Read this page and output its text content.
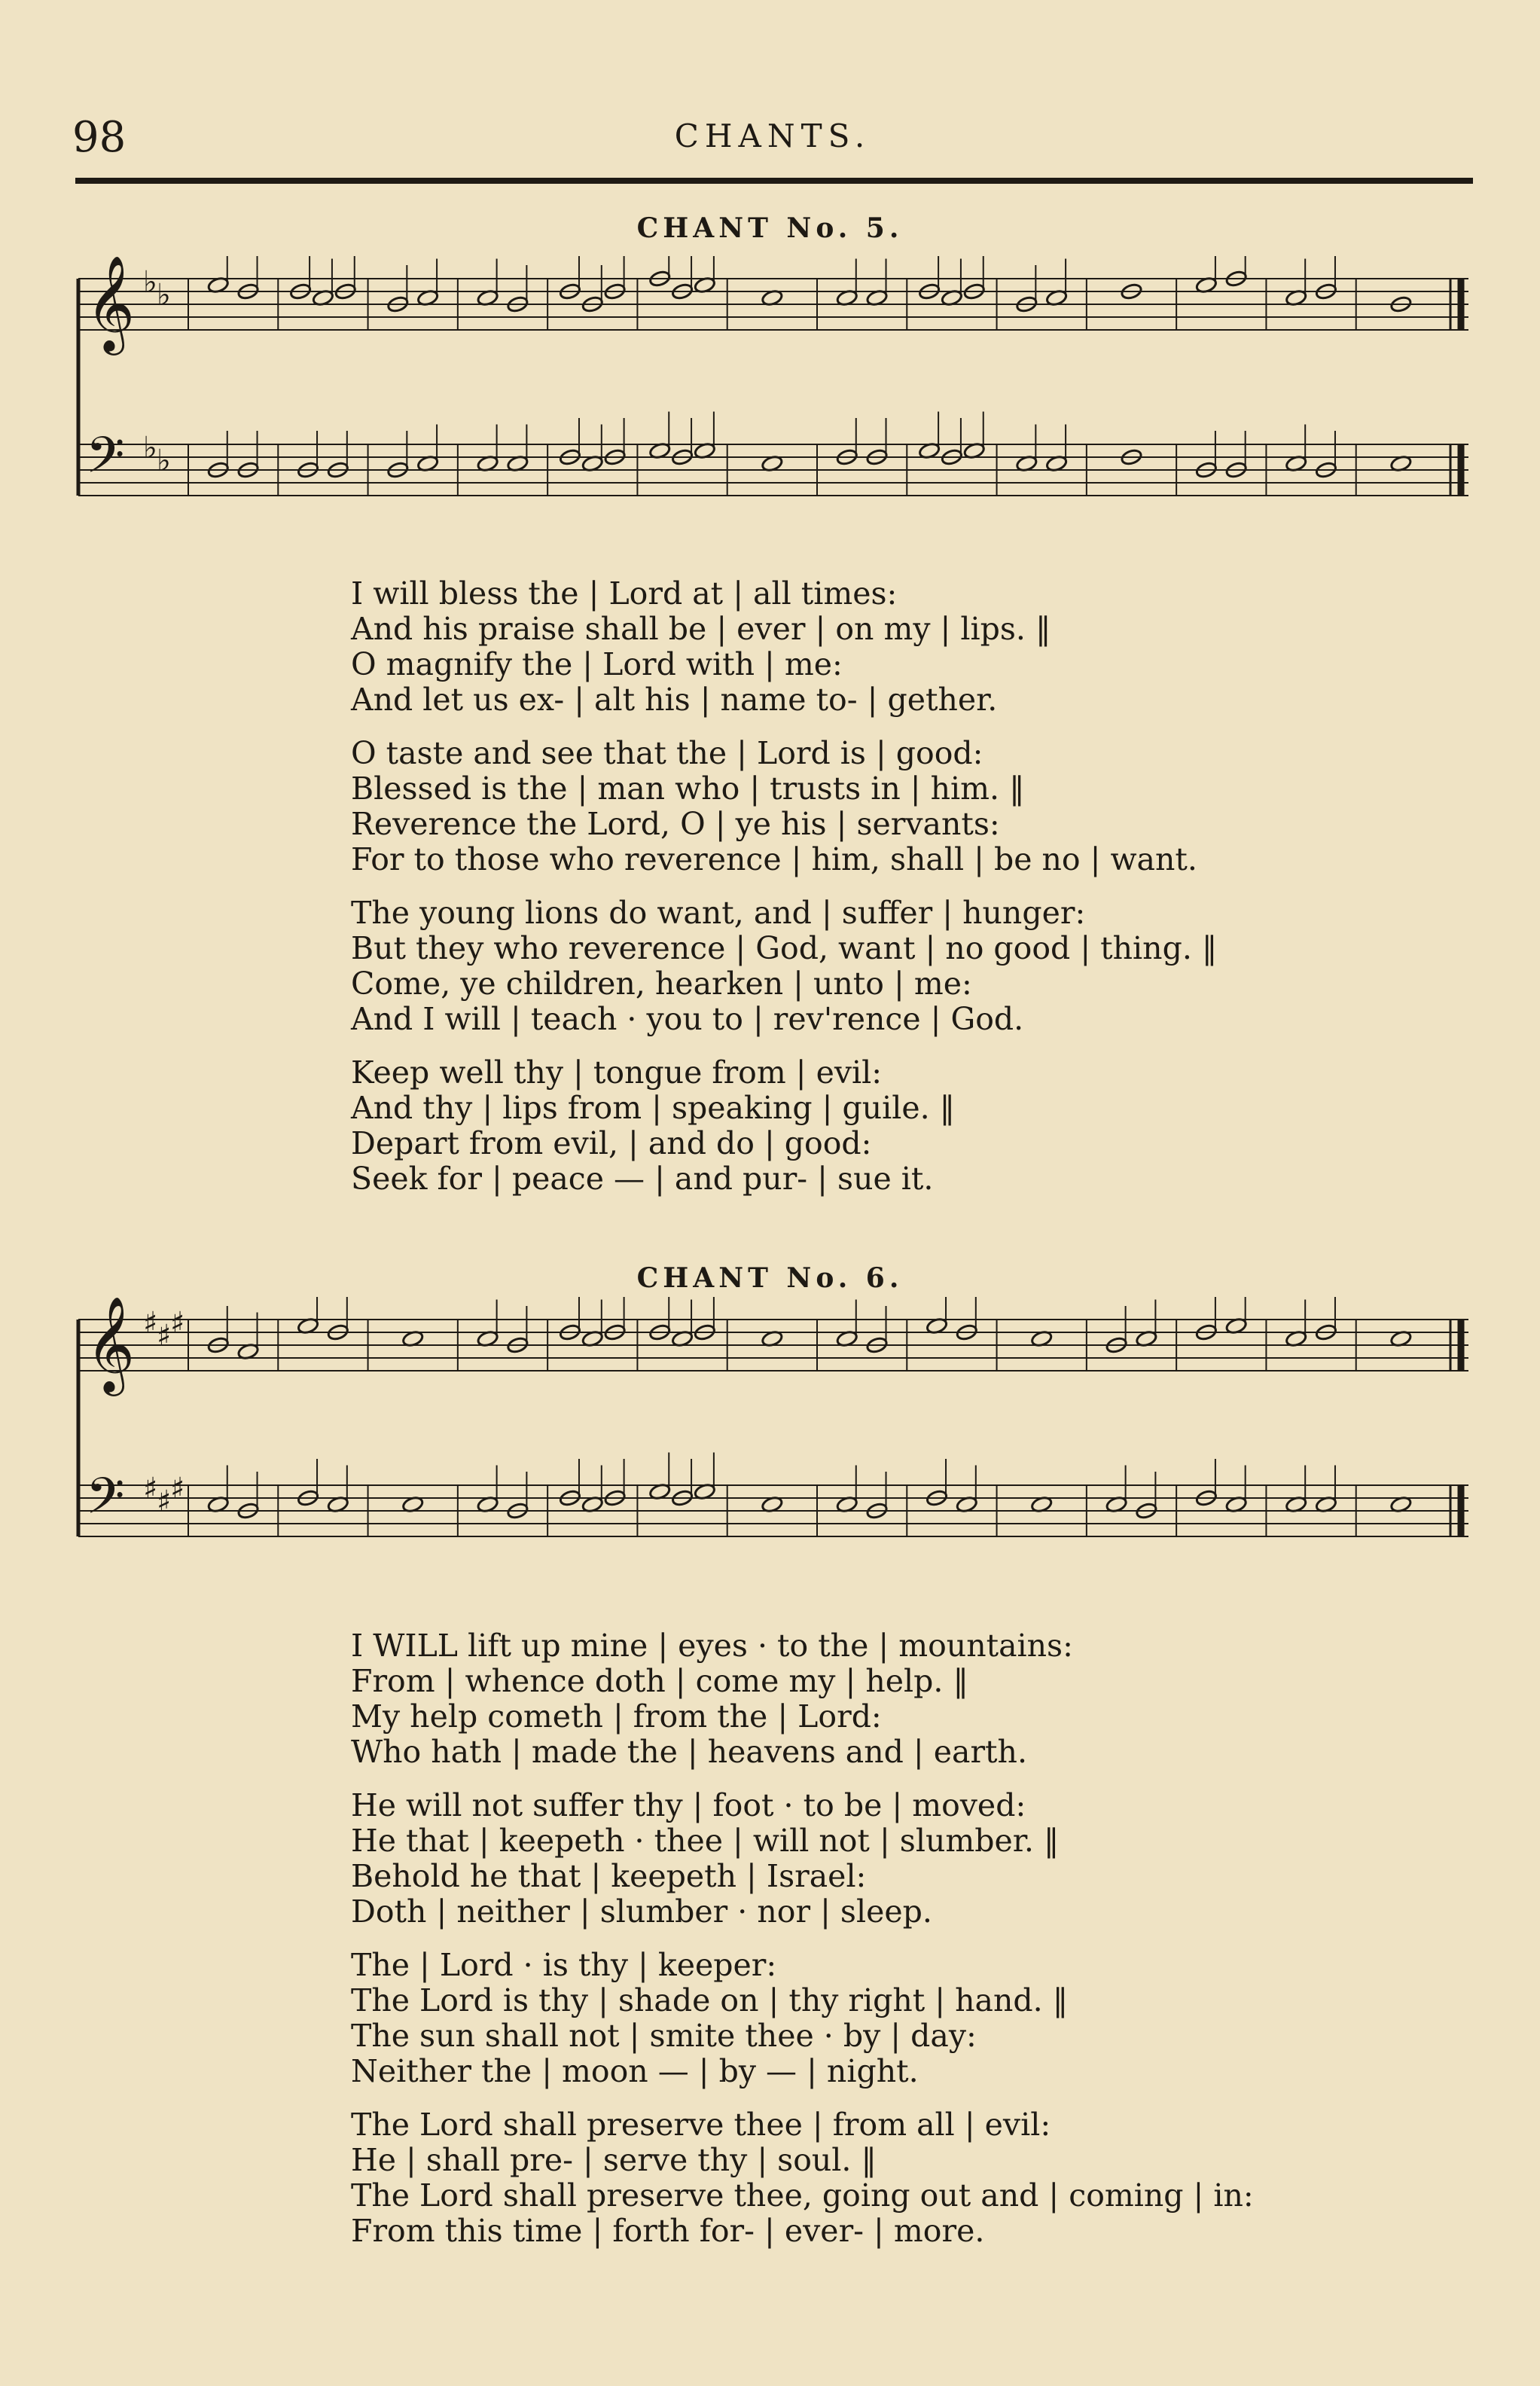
98	CHANTS.
CHANT No. 5.
𝄞 ♭ ♭
𝄢 ♭ ♭
I will bless the | Lord at | all times:
And his praise shall be | ever | on my | lips. ‖
O magnify the | Lord with | me:
And let us ex- | alt his | name to- | gether.
O taste and see that the | Lord is | good:
Blessed is the | man who | trusts in | him. ‖
Reverence the Lord, O | ye his | servants:
For to those who reverence | him, shall | be no | want.
The young lions do want, and | suffer | hunger:
But they who reverence | God, want | no good | thing. ‖
Come, ye children, hearken | unto | me:
And I will | teach · you to | rev'rence | God.
Keep well thy | tongue from | evil:
And thy | lips from | speaking | guile. ‖
Depart from evil, | and do | good:
Seek for | peace — | and pur- | sue it.
CHANT No. 6.
𝄞 ♯
♯
♯
𝄢 ♯
♯
♯
I WILL lift up mine | eyes · to the | mountains:
From | whence doth | come my | help. ‖
My help cometh | from the | Lord:
Who hath | made the | heavens and | earth.
He will not suffer thy | foot · to be | moved:
He that | keepeth · thee | will not | slumber. ‖
Behold he that | keepeth | Israel:
Doth | neither | slumber · nor | sleep.
The | Lord · is thy | keeper:
The Lord is thy | shade on | thy right | hand. ‖
The sun shall not | smite thee · by | day:
Neither the | moon — | by — | night.
The Lord shall preserve thee | from all | evil:
He | shall pre- | serve thy | soul. ‖
The Lord shall preserve thee, going out and | coming | in:
From this time | forth for- | ever- | more.
